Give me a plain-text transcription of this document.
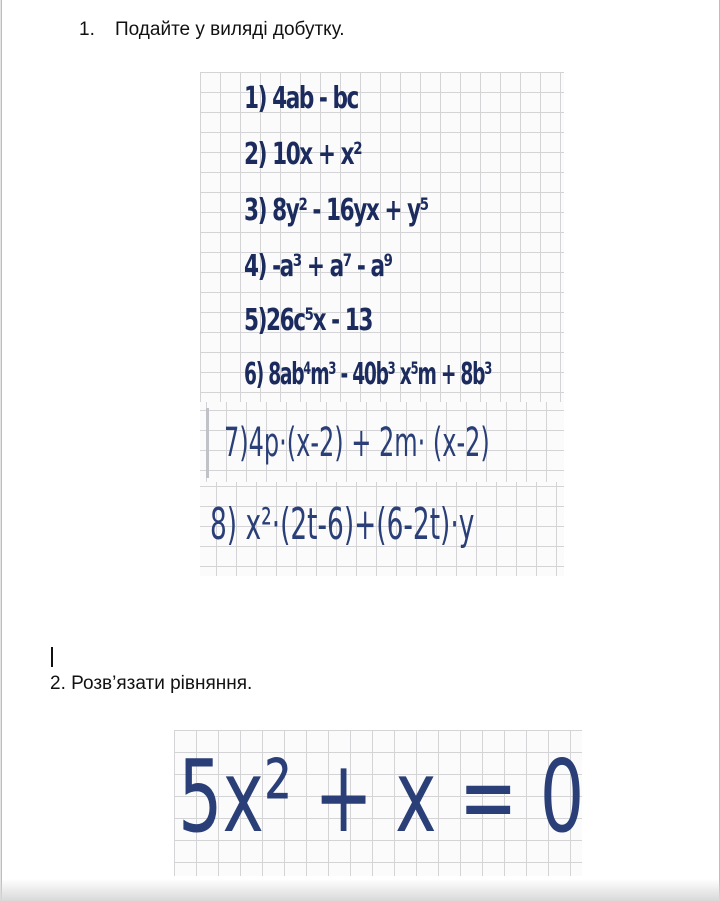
1. Подайте у виляді добутку.
1) 4ab - bc
2) 10x + x²
3) 8y² - 16yx + y⁵
4) -a³ + a⁷ - a⁹
5)26c⁵x - 13
6) 8ab⁴m³ - 40b³ x⁵m + 8b³
7)4p·(x-2) + 2m· (x-2)
8) x²·(2t-6)+(6-2t)·y
2. Розв’язати рівняння.
5x² + x = 0
